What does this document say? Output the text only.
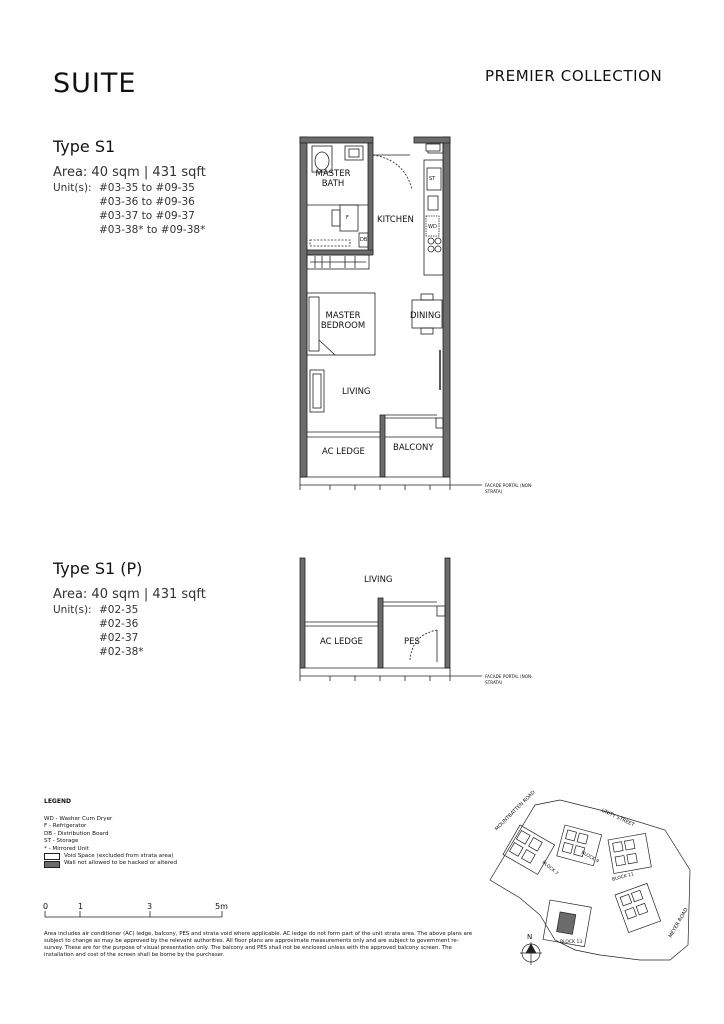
SUITE	PREMIER COLLECTION
Type S1
Area: 40 sqm | 431 sqft
Unit(s): #03-35 to #09-35
#03-36 to #09-36
#03-37 to #09-37
#03-38* to #09-38*
MASTER BATH
KITCHEN
MASTER BEDROOM
DINING
LIVING
AC LEDGE	BALCONY
ST
WD
F
DB
FACADE PORTAL (NON-STRATA)
Type S1 (P)
Area: 40 sqm | 431 sqft
Unit(s): #02-35
#02-36
#02-37
#02-38*
LIVING
AC LEDGE	PES
FACADE PORTAL (NON-STRATA)
LEGEND
WD - Washer Cum Dryer
F - Refrigerator
DB - Distribution Board
ST - Storage
* - Mirrored Unit
Void Space (excluded from strata area)
Wall not allowed to be hacked or altered
0	1	3	5m
Area includes air conditioner (AC) ledge, balcony, PES and strata void where applicable. AC ledge do not form part of the unit strata area. The above plans are subject to change as may be approved by the relevant authorities. All floor plans are approximate measurements only and are subject to government re-survey. These are for the purpose of visual presentation only. The balcony and PES shall not be enclosed unless with the approved balcony screen. The installation and cost of the screen shall be borne by the purchaser.
MOUNTBATTEN ROAD	UNITY STREET
MEYER ROAD
BLOCK 7
BLOCK 9
BLOCK 11
BLOCK 13
N
